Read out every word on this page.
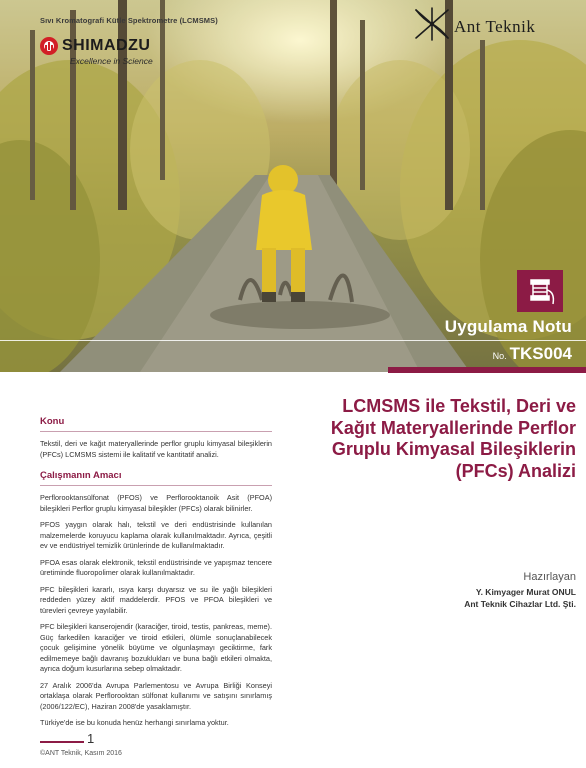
Sıvı Kromatografi Kütle Spektrometre (LCMSMS)
SHIMADZU
Excellence in Science
Ant Teknik
Uygulama Notu
No. TKS004
LCMSMS ile Tekstil, Deri ve Kağıt Materyallerinde Perflor Gruplu Kimyasal Bileşiklerin (PFCs) Analizi
Hazırlayan
Y. Kimyager Murat ONUL
Ant Teknik Cihazlar Ltd. Şti.
Konu

Tekstil, deri ve kağıt materyallerinde perflor gruplu kimyasal bileşiklerin (PFCs) LCMSMS sistemi ile kalitatif ve kantitatif analizi.

Çalışmanın Amacı

Perflorooktansülfonat (PFOS) ve Perflorooktanoik Asit (PFOA) bileşikleri Perflor gruplu kimyasal bileşikler (PFCs) olarak bilinirler.

PFOS yaygın olarak halı, tekstil ve deri endüstrisinde kullanılan malzemelerde koruyucu kaplama olarak kullanılmaktadır. Ayrıca, çeşitli ev ve endüstriyel temizlik ürünlerinde de kullanılmaktadır.

PFOA esas olarak elektronik, tekstil endüstrisinde ve yapışmaz tencere üretiminde fluoropolimer olarak kullanılmaktadır.

PFC bileşikleri kararlı, ısıya karşı duyarsız ve su ile yağlı bileşikleri reddeden yüzey aktif maddelerdir. PFOS ve PFOA bileşikleri ve türevleri çevreye yayılabilir.

PFC bileşikleri kanserojendir (karaciğer, tiroid, testis, pankreas, meme). Güç farkedilen karaciğer ve tiroid etkileri, ölümle sonuçlanabilecek çocuk gelişimine yönelik büyüme ve olgunlaşmayı geciktirme, fark edilmemeye bağlı davranış bozuklukları ve buna bağlı etkileri olmakta, ayrıca doğum kusurlarına sebep olmaktadır.

27 Aralık 2006'da Avrupa Parlementosu ve Avrupa Birliği Konseyi ortaklaşa olarak Perflorooktan sülfonat kullanımı ve satışını sınırlamış (2006/122/EC), Haziran 2008'de yasaklamıştır.

Türkiye'de ise bu konuda henüz herhangi sınırlama yoktur.

1
©ANT Teknik, Kasım 2016
